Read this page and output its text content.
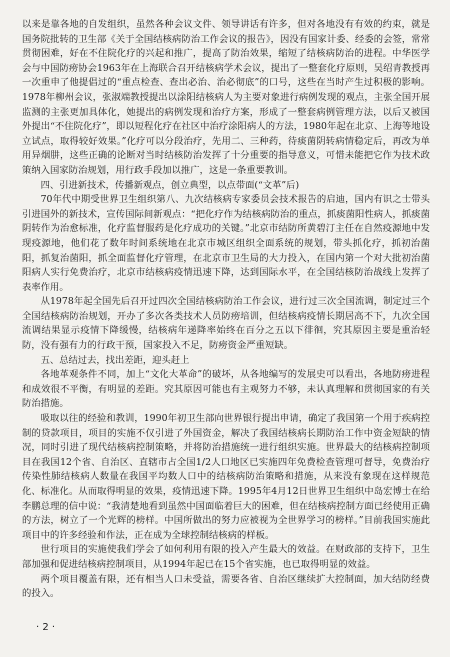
以来是靠各地的自发组织，虽然各种会议文件、领导讲话有许多，但对各地没有有效的约束，就是国务院批转的卫生部《关于全国结核病防治工作会议的报告》，因没有国家计委、经委的会签，常常贯彻困难，好在不住院化疗的兴起和推广，提高了防治效果，缩短了结核病防治的进程。中华医学会与中国防痨协会1963年在上海联合召开结核病学术会议，提出了一整套化疗原则，吴绍青教授再一次重申了他提倡过的“重点检查、查出必治、治必彻底”的口号，这些在当时产生过积极的影响。1978年柳州会议，张淑端教授提出以涂阳结核病人为主要对象进行病例发现的观点，主张全国开展监测的主张更加具体化，她提出的病例发现和治疗方案，形成了一整套病例管理方法，以后又被国外提出“不住院化疗”，即以短程化疗在社区中治疗涂阳病人的方法，1980年起在北京、上海等地设立试点，取得较好效果。”化疗可以分段治疗，先用二、三种药，待痰菌阴转病情稳定后，再改为单用异烟肼，这些正确的论断对当时结核防治发挥了十分重要的指导意义，可惜未能把它作为技术政策纳入国家防治规划，用行政手段加以推广，这是一条重要教训。

四、引进新技术，传播新观点，创立典型，以点带面(“文革”后)

70年代中期受世界卫生组织第八、九次结核病专家委员会技术报告的启迪，国内有识之士带头引进国外的新技术，宣传国际间新观点：“把化疗作为结核病防治的重点，抓痰菌阳性病人，抓痰菌阴转作为治愈标准，化疗监督服药是化疗成功的关键。”北京市结防所黄碧汀主任在自然疫源地中发现疫源地，他们花了数年时间系统地在北京市城区组织全面系统的规划，带头抓化疗，抓初治菌阳，抓复治菌阳，抓全面监督化疗管理，在北京市卫生局的大力投入，在国内第一个对大批初治菌阳病人实行免费治疗，北京市结核病疫情迅速下降，达到国际水平，在全国结核防治战线上发挥了表率作用。

从1978年起全国先后召开过四次全国结核病防治工作会议，进行过三次全国流调，制定过三个全国结核病防治规划，开办了多次各类技术人员防痨培训，但结核病疫情长期居高不下，九次全国流调结果显示疫情下降缓慢，结核病年递降率始终在百分之五以下徘徊，究其原因主要是重治轻防，没有强有力的行政干预，国家投入不足，防痨资金严重短缺。

五、总结过去，找出差距，迎头赶上

各地革观条件不同，加上“文化大革命”的破坏，从各地编写的发展史可以看出，各地防痨进程和成效很不平衡，有明显的差距。究其原因可能也有主观努力不够，未认真理解和贯彻国家的有关防治措施。

吸取以往的经验和教训，1990年初卫生部向世界银行提出申请，确定了我国第一个用于疾病控制的贷款项目，项目的实施不仅引进了外国资金，解决了我国结核病长期防治工作中资金短缺的情况，同时引进了现代结核病控制策略，并将防治措施统一进行组织实施。世界最大的结核病控制项目在我国12个省、自治区、直辖市占全国1/2人口地区已实施四年免费检查管理可督导，免费治疗传染性肺结核病人数量在我国平均数人口中的结核病防治策略和措施，从来没有象现在这样规范化、标准化。从而取得明显的效果，疫情迅速下降。1995年4月12日世界卫生组织中岛宏博士在给李鹏总理的信中说：“我清楚地看到虽然中国面临着巨大的困难，但在结核病控制方面已经使用正确的方法，树立了一个光辉的榜样。中国所做出的努力应被视为全世界学习的榜样。”目前我国实施此项目中的许多经验和作法，正在成为全球控制结核病的样板。

世行项目的实施使我们学会了如何利用有限的投入产生最大的效益。在财政部的支持下，卫生部加强和促进结核病控制项目，从1994年起已在15个省实施，也已取得明显的效益。

两个项目覆盖有限，还有相当人口未受益，需要各省、自治区继续扩大控制面，加大结防经费的投入。

· 2 ·
